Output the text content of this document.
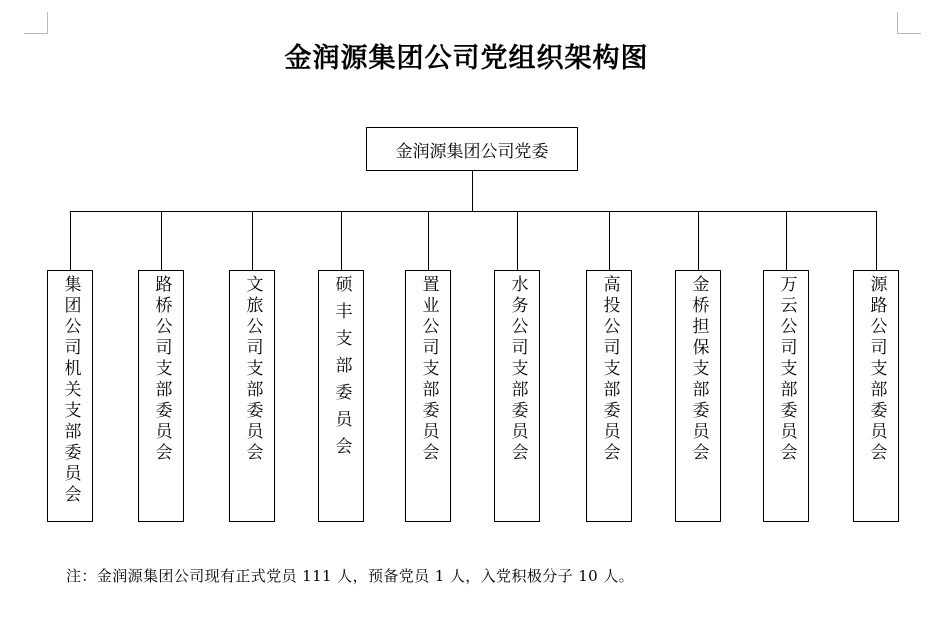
金润源集团公司党组织架构图
金润源集团公司党委
集团公司机关支部委员会	路桥公司支部委员会	文旅公司支部委员会	硕丰支部委员会	置业公司支部委员会	水务公司支部委员会	高投公司支部委员会	金桥担保支部委员会	万云公司支部委员会	源路公司支部委员会
注：金润源集团公司现有正式党员 111 人，预备党员 1 人，入党积极分子 10 人。
